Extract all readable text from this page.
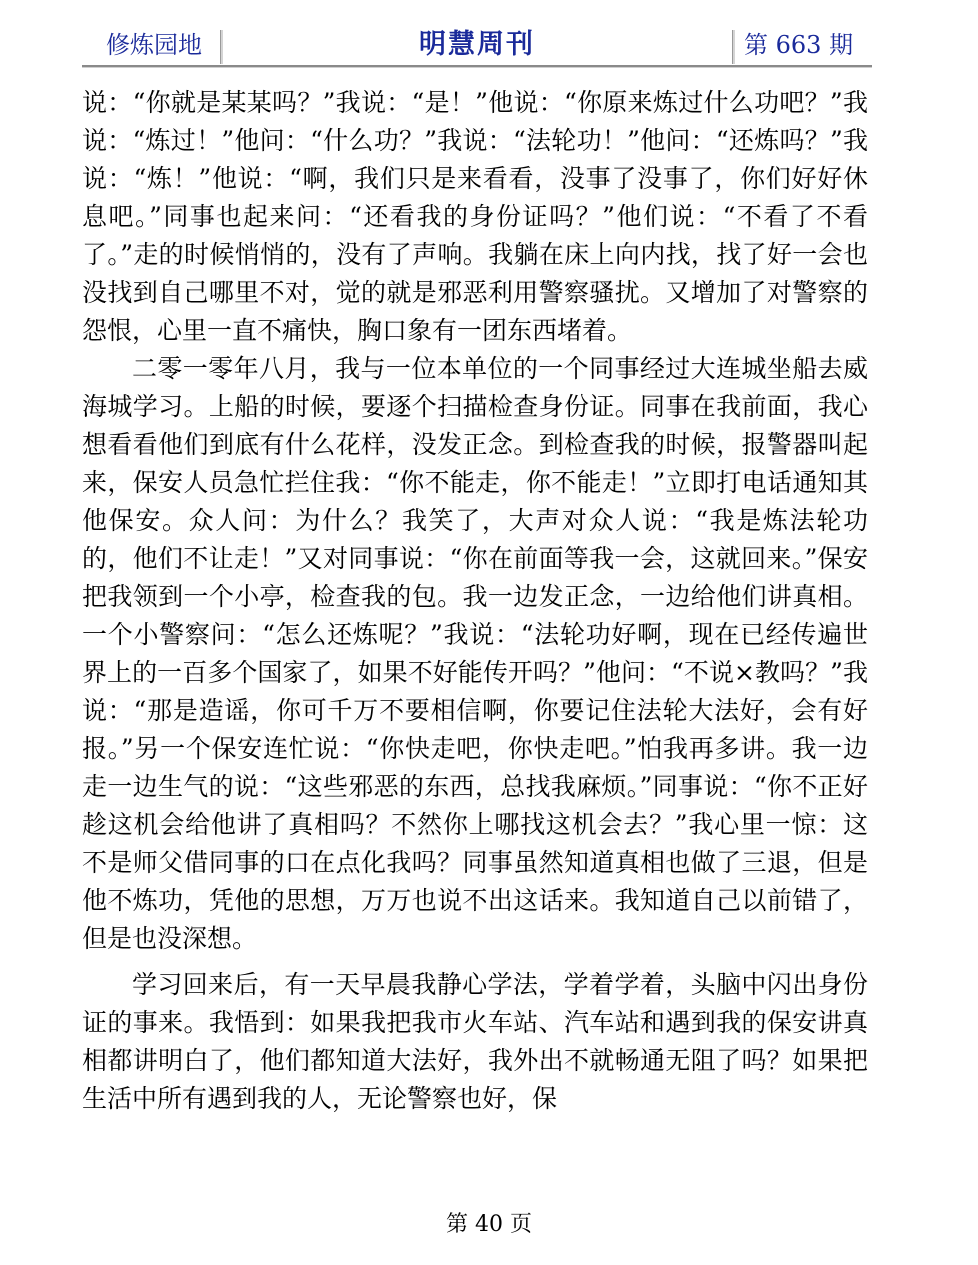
修炼园地	明慧周刊	第 663 期

说：“你就是某某吗？”我说：“是！”他说：“你原来炼过什么功吧？”我说：“炼过！”他问：“什么功？”我说：“法轮功！”他问：“还炼吗？”我说：“炼！”他说：“啊，我们只是来看看，没事了没事了，你们好好休息吧。”同事也起来问：“还看我的身份证吗？”他们说：“不看了不看了。”走的时候悄悄的，没有了声响。我躺在床上向内找，找了好一会也没找到自己哪里不对，觉的就是邪恶利用警察骚扰。又增加了对警察的怨恨，心里一直不痛快，胸口象有一团东西堵着。

二零一零年八月，我与一位本单位的一个同事经过大连城坐船去威海城学习。上船的时候，要逐个扫描检查身份证。同事在我前面，我心想看看他们到底有什么花样，没发正念。到检查我的时候，报警器叫起来，保安人员急忙拦住我：“你不能走，你不能走！”立即打电话通知其他保安。众人问：为什么？我笑了，大声对众人说：“我是炼法轮功的，他们不让走！”又对同事说：“你在前面等我一会，这就回来。”保安把我领到一个小亭，检查我的包。我一边发正念，一边给他们讲真相。一个小警察问：“怎么还炼呢？”我说：“法轮功好啊，现在已经传遍世界上的一百多个国家了，如果不好能传开吗？”他问：“不说×教吗？”我说：“那是造谣，你可千万不要相信啊，你要记住法轮大法好，会有好报。”另一个保安连忙说：“你快走吧，你快走吧。”怕我再多讲。我一边走一边生气的说：“这些邪恶的东西，总找我麻烦。”同事说：“你不正好趁这机会给他讲了真相吗？不然你上哪找这机会去？”我心里一惊：这不是师父借同事的口在点化我吗？同事虽然知道真相也做了三退，但是他不炼功，凭他的思想，万万也说不出这话来。我知道自己以前错了，但是也没深想。

学习回来后，有一天早晨我静心学法，学着学着，头脑中闪出身份证的事来。我悟到：如果我把我市火车站、汽车站和遇到我的保安讲真相都讲明白了，他们都知道大法好，我外出不就畅通无阻了吗？如果把生活中所有遇到我的人，无论警察也好，保

第 40 页
